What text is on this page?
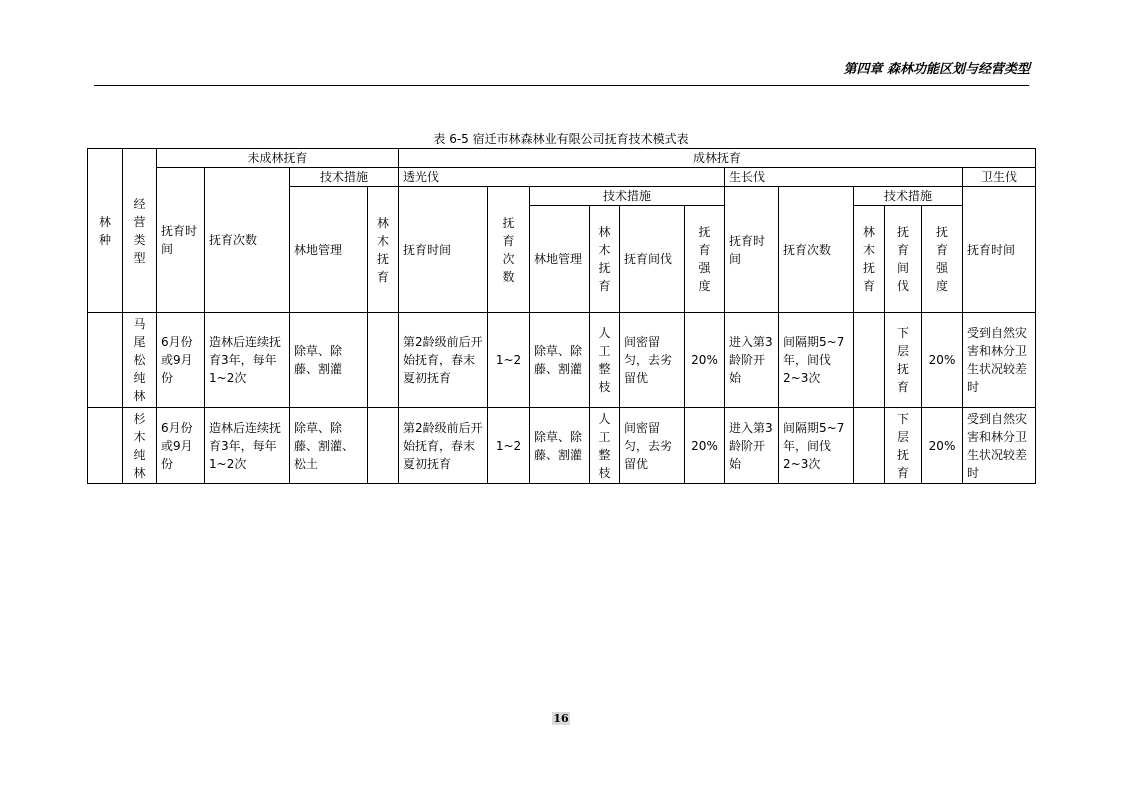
第四章 森林功能区划与经营类型
表 6-5 宿迁市林森林业有限公司抚育技术模式表
林种	经营类型	未成林抚育				成林抚育											
		抚育时间	抚育次数	技术措施		透光伐						生长伐					卫生伐
				林地管理	林木抚育	抚育时间	抚育次数	技术措施				抚育时间	抚育次数	技术措施			抚育时间
								林地管理	林木抚育	抚育间伐	抚育强度			林木抚育	抚育间伐	抚育强度	
	马尾松纯林	6月份或9月份	造林后连续抚育3年，每年1~2次	除草、除藤、割灌		第2龄级前后开始抚育，春末夏初抚育	1~2	除草、除藤、割灌	人工整枝	间密留匀，去劣留优	20%	进入第3龄阶开始	间隔期5~7年，间伐2~3次		下层抚育	20%	受到自然灾害和林分卫生状况较差时
	杉木纯林	6月份或9月份	造林后连续抚育3年，每年1~2次	除草、除藤、割灌、松土		第2龄级前后开始抚育，春末夏初抚育	1~2	除草、除藤、割灌	人工整枝	间密留匀，去劣留优	20%	进入第3龄阶开始	间隔期5~7年，间伐2~3次		下层抚育	20%	受到自然灾害和林分卫生状况较差时
16
